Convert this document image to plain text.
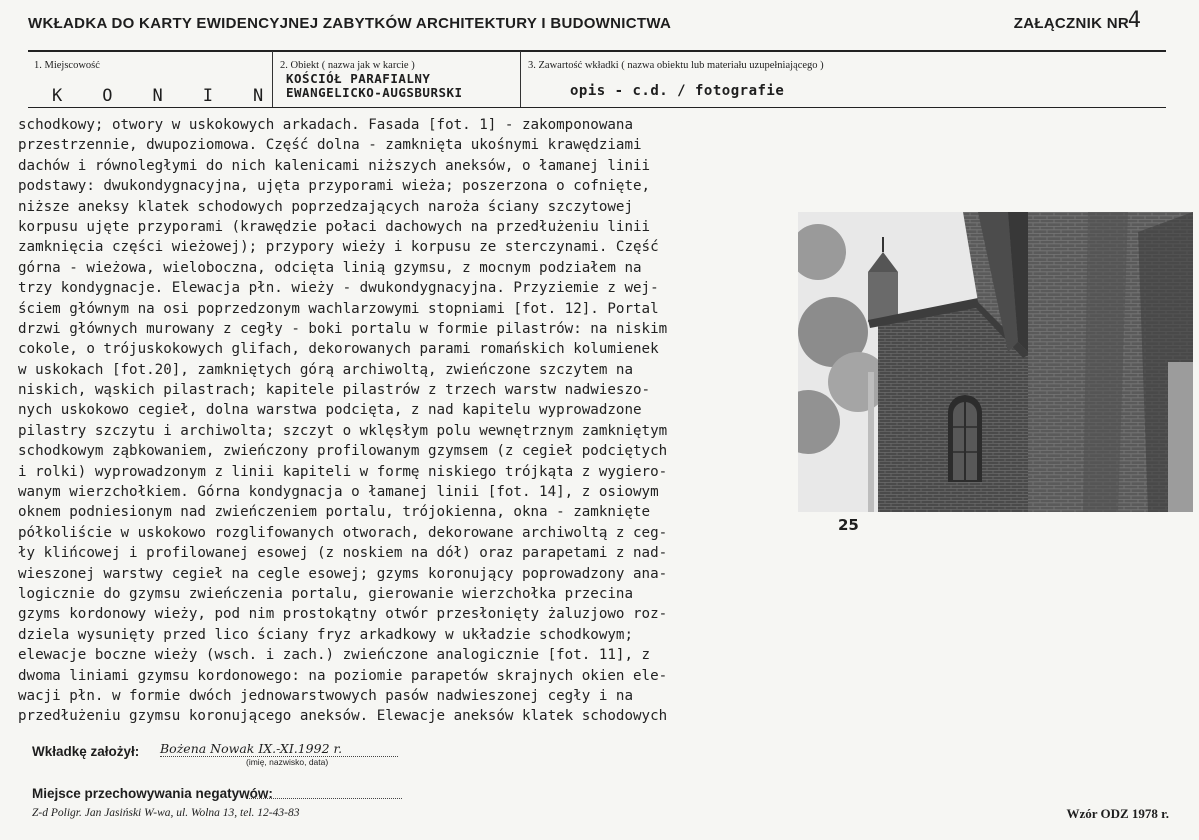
WKŁADKA DO KARTY EWIDENCYJNEJ ZABYTKÓW ARCHITEKTURY I BUDOWNICTWA	ZAŁĄCZNIK NR
4
1. Miejscowość
KONIN
2. Obiekt ( nazwa jak w karcie )
KOŚCIÓŁ PARAFIALNY
EWANGELICKO-AUGSBURSKI
3. Zawartość wkładki ( nazwa obiektu lub materiału uzupełniającego )
opis - c.d. / fotografie
schodkowy; otwory w uskokowych arkadach. Fasada [fot. 1] - zakomponowana
przestrzennie, dwupoziomowa. Część dolna - zamknięta ukośnymi krawędziami
dachów i równoległymi do nich kalenicami niższych aneksów, o łamanej linii
podstawy: dwukondygnacyjna, ujęta przyporami wieża; poszerzona o cofnięte,
niższe aneksy klatek schodowych poprzedzających naroża ściany szczytowej
korpusu ujęte przyporami (krawędzie połaci dachowych na przedłużeniu linii
zamknięcia części wieżowej); przypory wieży i korpusu ze sterczynami. Część
górna - wieżowa, wieloboczna, odcięta linią gzymsu, z mocnym podziałem na
trzy kondygnacje. Elewacja płn. wieży - dwukondygnacyjna. Przyziemie z wej-
ściem głównym na osi poprzedzonym wachlarzowymi stopniami [fot. 12]. Portal
drzwi głównych murowany z cegły - boki portalu w formie pilastrów: na niskim
cokole, o trójuskokowych glifach, dekorowanych parami romańskich kolumienek
w uskokach [fot.20], zamkniętych górą archiwoltą, zwieńczone szczytem na
niskich, wąskich pilastrach; kapitele pilastrów z trzech warstw nadwieszo-
nych uskokowo cegieł, dolna warstwa podcięta, z nad kapitelu wyprowadzone
pilastry szczytu i archiwolta; szczyt o wklęsłym polu wewnętrznym zamkniętym
schodkowym ząbkowaniem, zwieńczony profilowanym gzymsem (z cegieł podciętych
i rolki) wyprowadzonym z linii kapiteli w formę niskiego trójkąta z wygiero-
wanym wierzchołkiem. Górna kondygnacja o łamanej linii [fot. 14], z osiowym
oknem podniesionym nad zwieńczeniem portalu, trójokienna, okna - zamknięte
półkoliście w uskokowo rozglifowanych otworach, dekorowane archiwoltą z ceg-
ły klińcowej i profilowanej esowej (z noskiem na dół) oraz parapetami z nad-
wieszonej warstwy cegieł na cegle esowej; gzyms koronujący poprowadzony ana-
logicznie do gzymsu zwieńczenia portalu, gierowanie wierzchołka przecina
gzyms kordonowy wieży, pod nim prostokątny otwór przesłonięty żaluzjowo roz-
dziela wysunięty przed lico ściany fryz arkadkowy w układzie schodkowym;
elewacje boczne wieży (wsch. i zach.) zwieńczone analogicznie [fot. 11], z
dwoma liniami gzymsu kordonowego: na poziomie parapetów skrajnych okien ele-
wacji płn. w formie dwóch jednowarstwowych pasów nadwieszonej cegły i na
przedłużeniu gzymsu koronującego aneksów. Elewacje aneksów klatek schodowych
25
Wkładkę założył: Bożena Nowak IX.-XI.1992 r.
(imię, nazwisko, data)
Miejsce przechowywania negatywów:
Z-d Poligr. Jan Jasiński W-wa, ul. Wolna 13, tel. 12-43-83	Wzór ODZ 1978 r.
